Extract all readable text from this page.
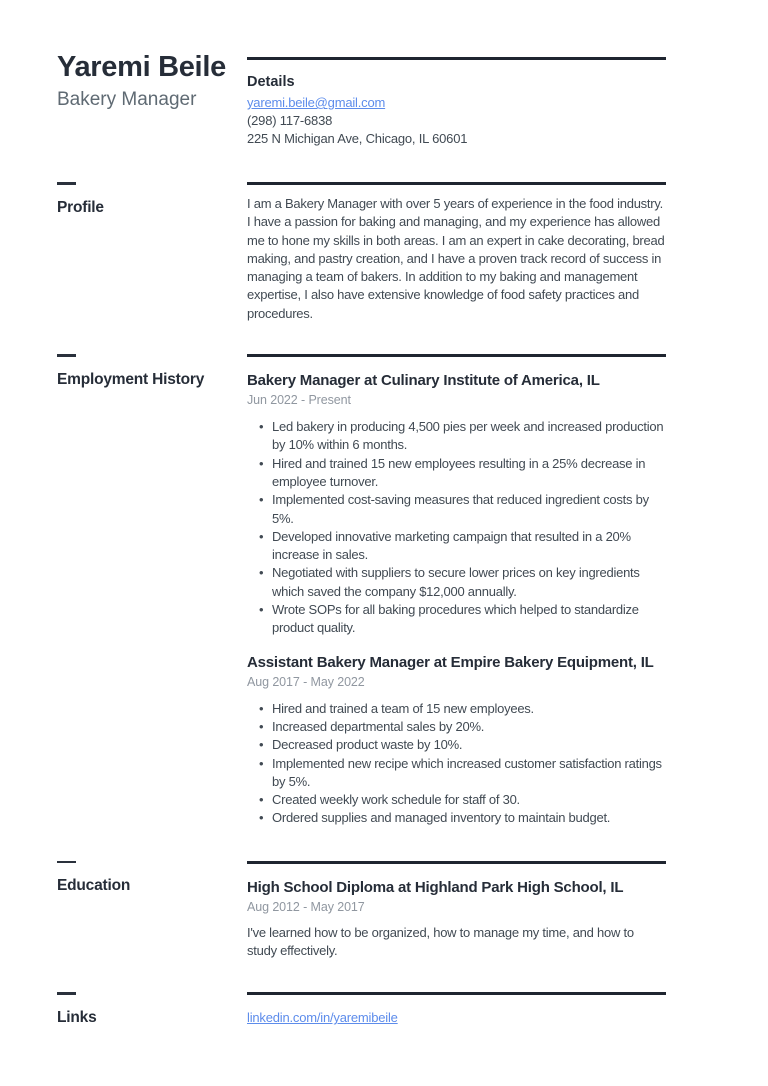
Yaremi Beile
Bakery Manager
Details
yaremi.beile@gmail.com
(298) 117-6838
225 N Michigan Ave, Chicago, IL 60601
Profile	I am a Bakery Manager with over 5 years of experience in the food industry. I have a passion for baking and managing, and my experience has allowed me to hone my skills in both areas. I am an expert in cake decorating, bread making, and pastry creation, and I have a proven track record of success in managing a team of bakers. In addition to my baking and management expertise, I also have extensive knowledge of food safety practices and procedures.
Employment History	Bakery Manager at Culinary Institute of America, IL
Jun 2022 - Present
• Led bakery in producing 4,500 pies per week and increased production by 10% within 6 months.
• Hired and trained 15 new employees resulting in a 25% decrease in employee turnover.
• Implemented cost-saving measures that reduced ingredient costs by 5%.
• Developed innovative marketing campaign that resulted in a 20% increase in sales.
• Negotiated with suppliers to secure lower prices on key ingredients which saved the company $12,000 annually.
• Wrote SOPs for all baking procedures which helped to standardize product quality.
Assistant Bakery Manager at Empire Bakery Equipment, IL
Aug 2017 - May 2022
• Hired and trained a team of 15 new employees.
• Increased departmental sales by 20%.
• Decreased product waste by 10%.
• Implemented new recipe which increased customer satisfaction ratings by 5%.
• Created weekly work schedule for staff of 30.
• Ordered supplies and managed inventory to maintain budget.
Education	High School Diploma at Highland Park High School, IL
Aug 2012 - May 2017
I've learned how to be organized, how to manage my time, and how to study effectively.
Links	linkedin.com/in/yaremibeile
